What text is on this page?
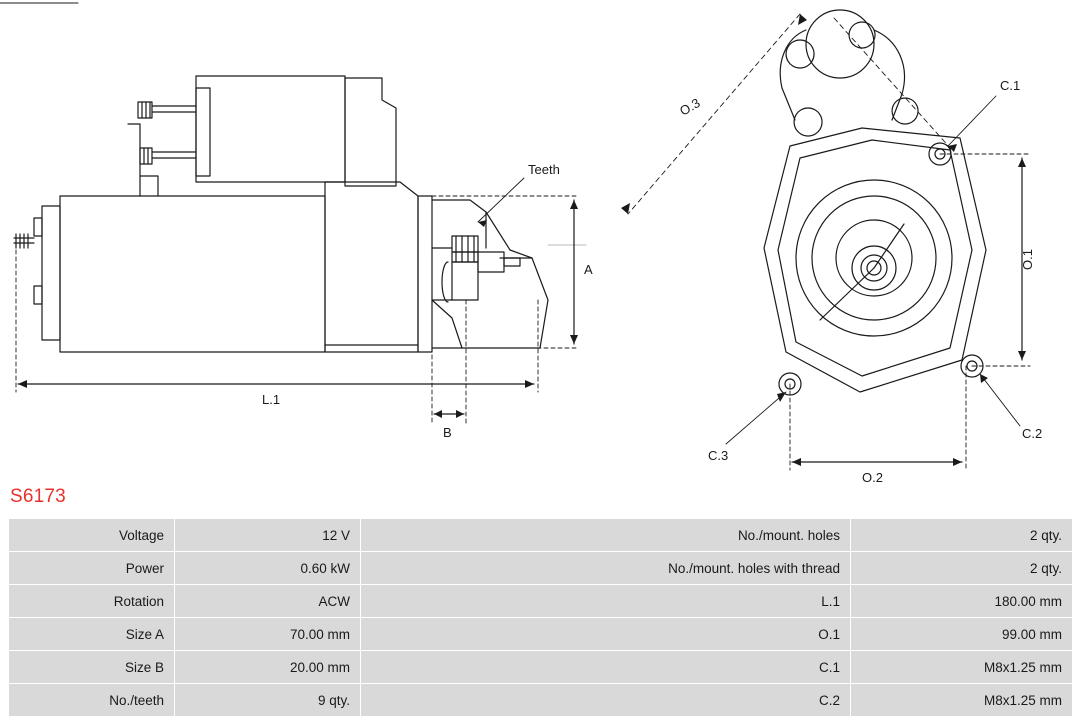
Teeth
A
L.1
B
O.3
O.1
O.2
C.1
C.2
C.3
S6173
Voltage	12 V	No./mount. holes	2 qty.
Power	0.60 kW	No./mount. holes with thread	2 qty.
Rotation	ACW	L.1	180.00 mm
Size A	70.00 mm	O.1	99.00 mm
Size B	20.00 mm	C.1	M8x1.25 mm
No./teeth	9 qty.	C.2	M8x1.25 mm
